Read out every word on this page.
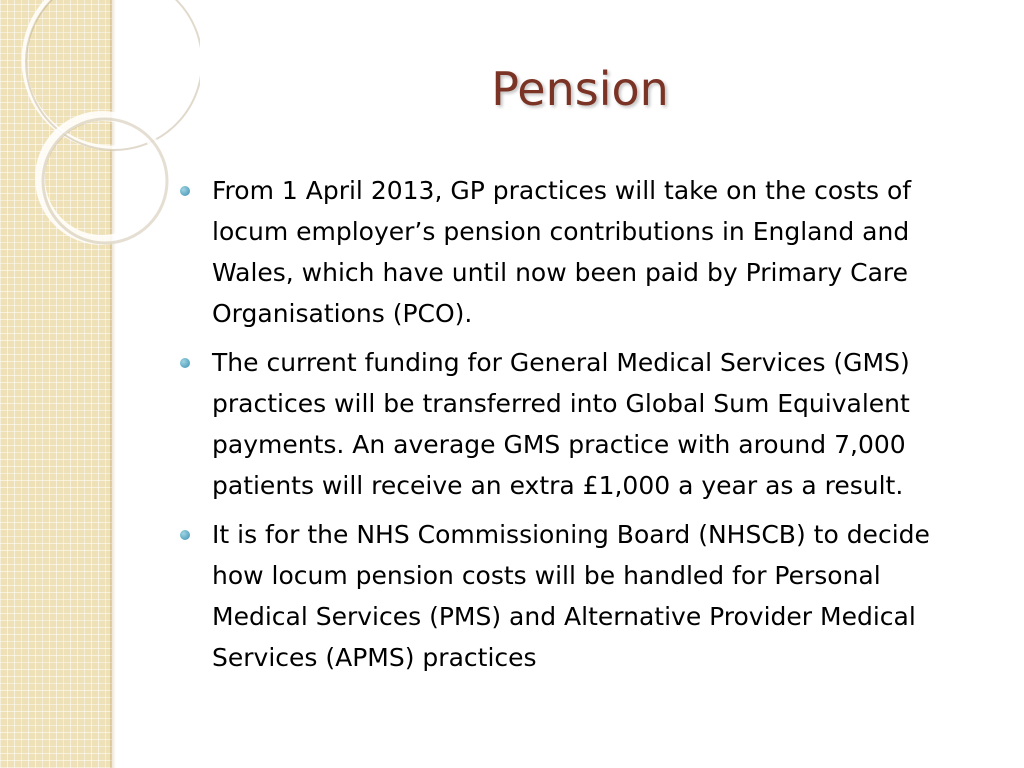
Pension
From 1 April 2013, GP practices will take on the costs of locum employer’s pension contributions in England and Wales, which have until now been paid by Primary Care Organisations (PCO).
The current funding for General Medical Services (GMS) practices will be transferred into Global Sum Equivalent payments. An average GMS practice with around 7,000 patients will receive an extra £1,000 a year as a result.
It is for the NHS Commissioning Board (NHSCB) to decide how locum pension costs will be handled for Personal Medical Services (PMS) and Alternative Provider Medical Services (APMS) practices
